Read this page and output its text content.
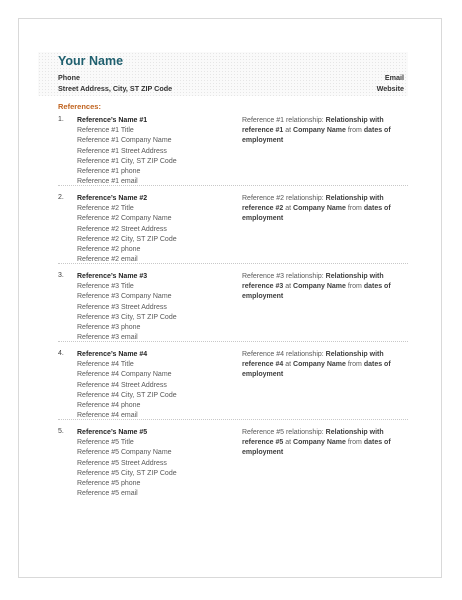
Your Name
Phone
Street Address, City, ST ZIP Code
Email
Website
References:
1. Reference’s Name #1
Reference #1 Title
Reference #1 Company Name
Reference #1 Street Address
Reference #1 City, ST ZIP Code
Reference #1 phone
Reference #1 email
Reference #1 relationship: Relationship with reference #1 at Company Name from dates of employment
2. Reference’s Name #2
Reference #2 Title
Reference #2 Company Name
Reference #2 Street Address
Reference #2 City, ST ZIP Code
Reference #2 phone
Reference #2 email
Reference #2 relationship: Relationship with reference #2 at Company Name from dates of employment
3. Reference’s Name #3
Reference #3 Title
Reference #3 Company Name
Reference #3 Street Address
Reference #3 City, ST ZIP Code
Reference #3 phone
Reference #3 email
Reference #3 relationship: Relationship with reference #3 at Company Name from dates of employment
4. Reference’s Name #4
Reference #4 Title
Reference #4 Company Name
Reference #4 Street Address
Reference #4 City, ST ZIP Code
Reference #4 phone
Reference #4 email
Reference #4 relationship: Relationship with reference #4 at Company Name from dates of employment
5. Reference’s Name #5
Reference #5 Title
Reference #5 Company Name
Reference #5 Street Address
Reference #5 City, ST ZIP Code
Reference #5 phone
Reference #5 email
Reference #5 relationship: Relationship with reference #5 at Company Name from dates of employment
